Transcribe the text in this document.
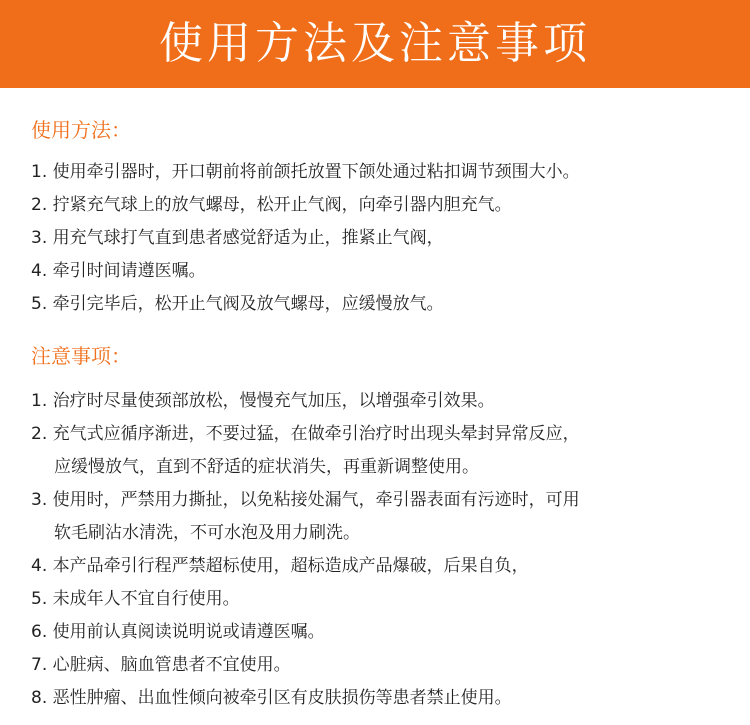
使用方法及注意事项
使用方法：
1. 使用牵引器时，开口朝前将前颌托放置下颌处通过粘扣调节颈围大小。
2. 拧紧充气球上的放气螺母，松开止气阀，向牵引器内胆充气。
3. 用充气球打气直到患者感觉舒适为止，推紧止气阀，
4. 牵引时间请遵医嘱。
5. 牵引完毕后，松开止气阀及放气螺母，应缓慢放气。
注意事项：
1. 治疗时尽量使颈部放松，慢慢充气加压，以增强牵引效果。
2. 充气式应循序渐进，不要过猛，在做牵引治疗时出现头晕封异常反应，
应缓慢放气，直到不舒适的症状消失，再重新调整使用。
3. 使用时，严禁用力撕扯，以免粘接处漏气，牵引器表面有污迹时，可用
软毛刷沾水清洗，不可水泡及用力刷洗。
4. 本产品牵引行程严禁超标使用，超标造成产品爆破，后果自负，
5. 未成年人不宜自行使用。
6. 使用前认真阅读说明说或请遵医嘱。
7. 心脏病、脑血管患者不宜使用。
8. 恶性肿瘤、出血性倾向被牵引区有皮肤损伤等患者禁止使用。
